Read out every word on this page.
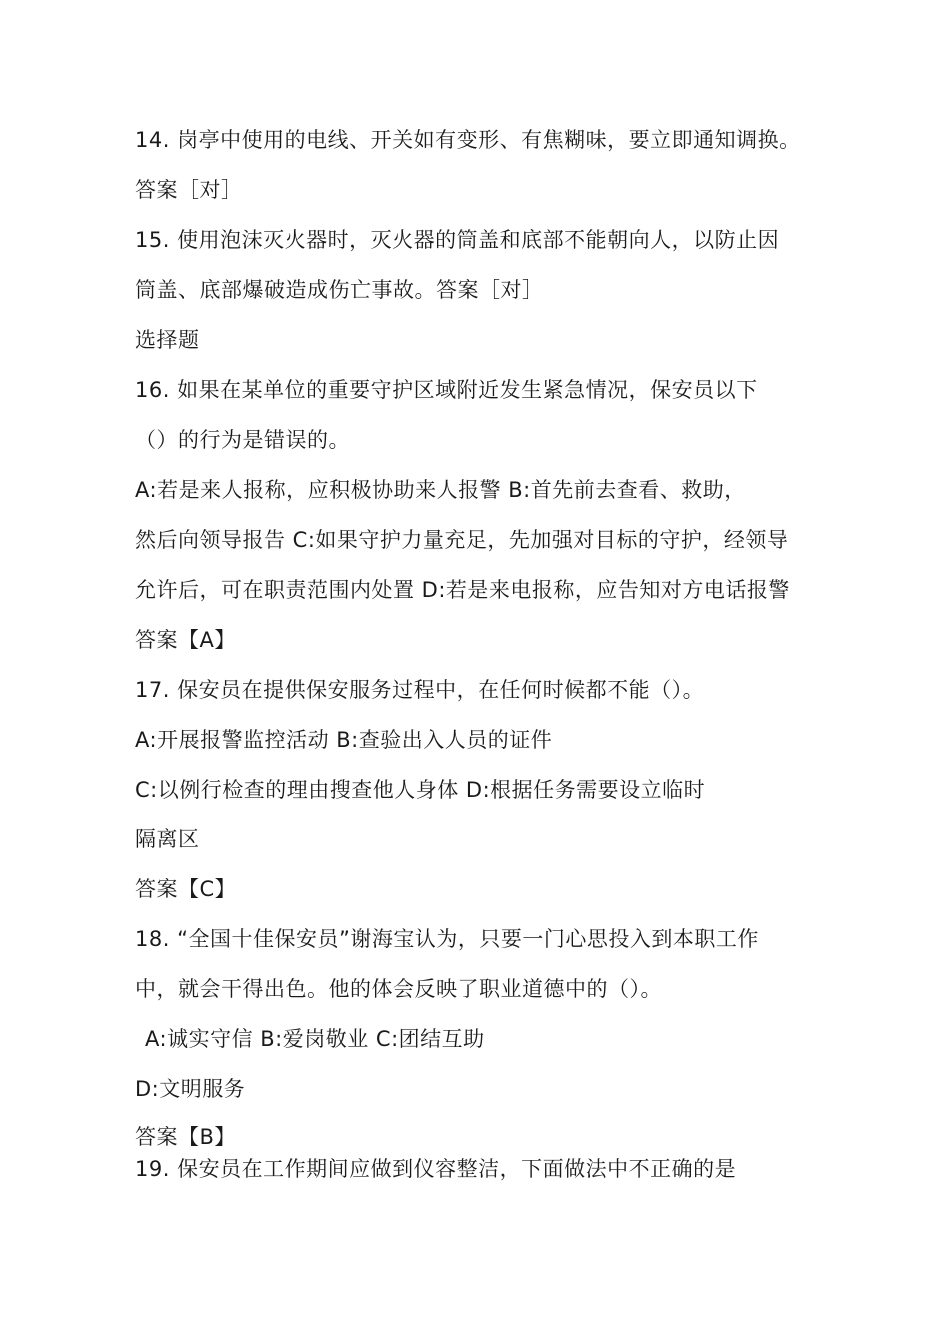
14. 岗亭中使用的电线、开关如有变形、有焦糊味，要立即通知调换。
答案［对］
15. 使用泡沫灭火器时，灭火器的筒盖和底部不能朝向人，以防止因
筒盖、底部爆破造成伤亡事故。答案［对］
选择题
16. 如果在某单位的重要守护区域附近发生紧急情况，保安员以下
（）的行为是错误的。
A:若是来人报称，应积极协助来人报警 B:首先前去查看、救助，
然后向领导报告 C:如果守护力量充足，先加强对目标的守护，经领导
允许后，可在职责范围内处置 D:若是来电报称，应告知对方电话报警
答案【A】
17. 保安员在提供保安服务过程中，在任何时候都不能（）。
A:开展报警监控活动 B:查验出入人员的证件
C:以例行检查的理由搜查他人身体 D:根据任务需要设立临时
隔离区
答案【C】
18. “全国十佳保安员”谢海宝认为，只要一门心思投入到本职工作
中，就会干得出色。他的体会反映了职业道德中的（）。
A:诚实守信 B:爱岗敬业 C:团结互助
D:文明服务
答案【B】
19. 保安员在工作期间应做到仪容整洁，下面做法中不正确的是
